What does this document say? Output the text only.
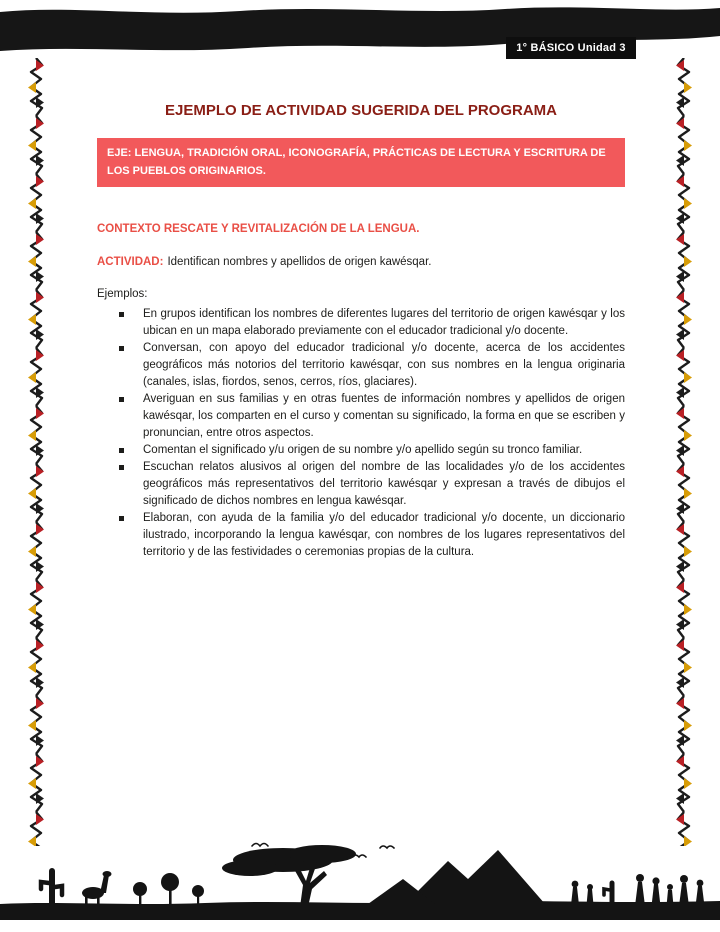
1° BÁSICO Unidad 3
EJEMPLO DE ACTIVIDAD SUGERIDA DEL PROGRAMA
EJE: LENGUA, TRADICIÓN ORAL, ICONOGRAFÍA, PRÁCTICAS DE LECTURA Y ESCRITURA DE LOS PUEBLOS ORIGINARIOS.
CONTEXTO RESCATE Y REVITALIZACIÓN DE LA LENGUA.

ACTIVIDAD: Identifican nombres y apellidos de origen kawésqar.

Ejemplos:

En grupos identifican los nombres de diferentes lugares del territorio de origen kawésqar y los ubican en un mapa elaborado previamente con el educador tradicional y/o docente.
Conversan, con apoyo del educador tradicional y/o docente, acerca de los accidentes geográficos más notorios del territorio kawésqar, con sus nombres en la lengua originaria (canales, islas, fiordos, senos, cerros, ríos, glaciares).
Averiguan en sus familias y en otras fuentes de información nombres y apellidos de origen kawésqar, los comparten en el curso y comentan su significado, la forma en que se escriben y pronuncian, entre otros aspectos.
Comentan el significado y/u origen de su nombre y/o apellido según su tronco familiar.
Escuchan relatos alusivos al origen del nombre de las localidades y/o de los accidentes geográficos más representativos del territorio kawésqar y expresan a través de dibujos el significado de dichos nombres en lengua kawésqar.
Elaboran, con ayuda de la familia y/o del educador tradicional y/o docente, un diccionario ilustrado, incorporando la lengua kawésqar, con nombres de los lugares representativos del territorio y de las festividades o ceremonias propias de la cultura.
